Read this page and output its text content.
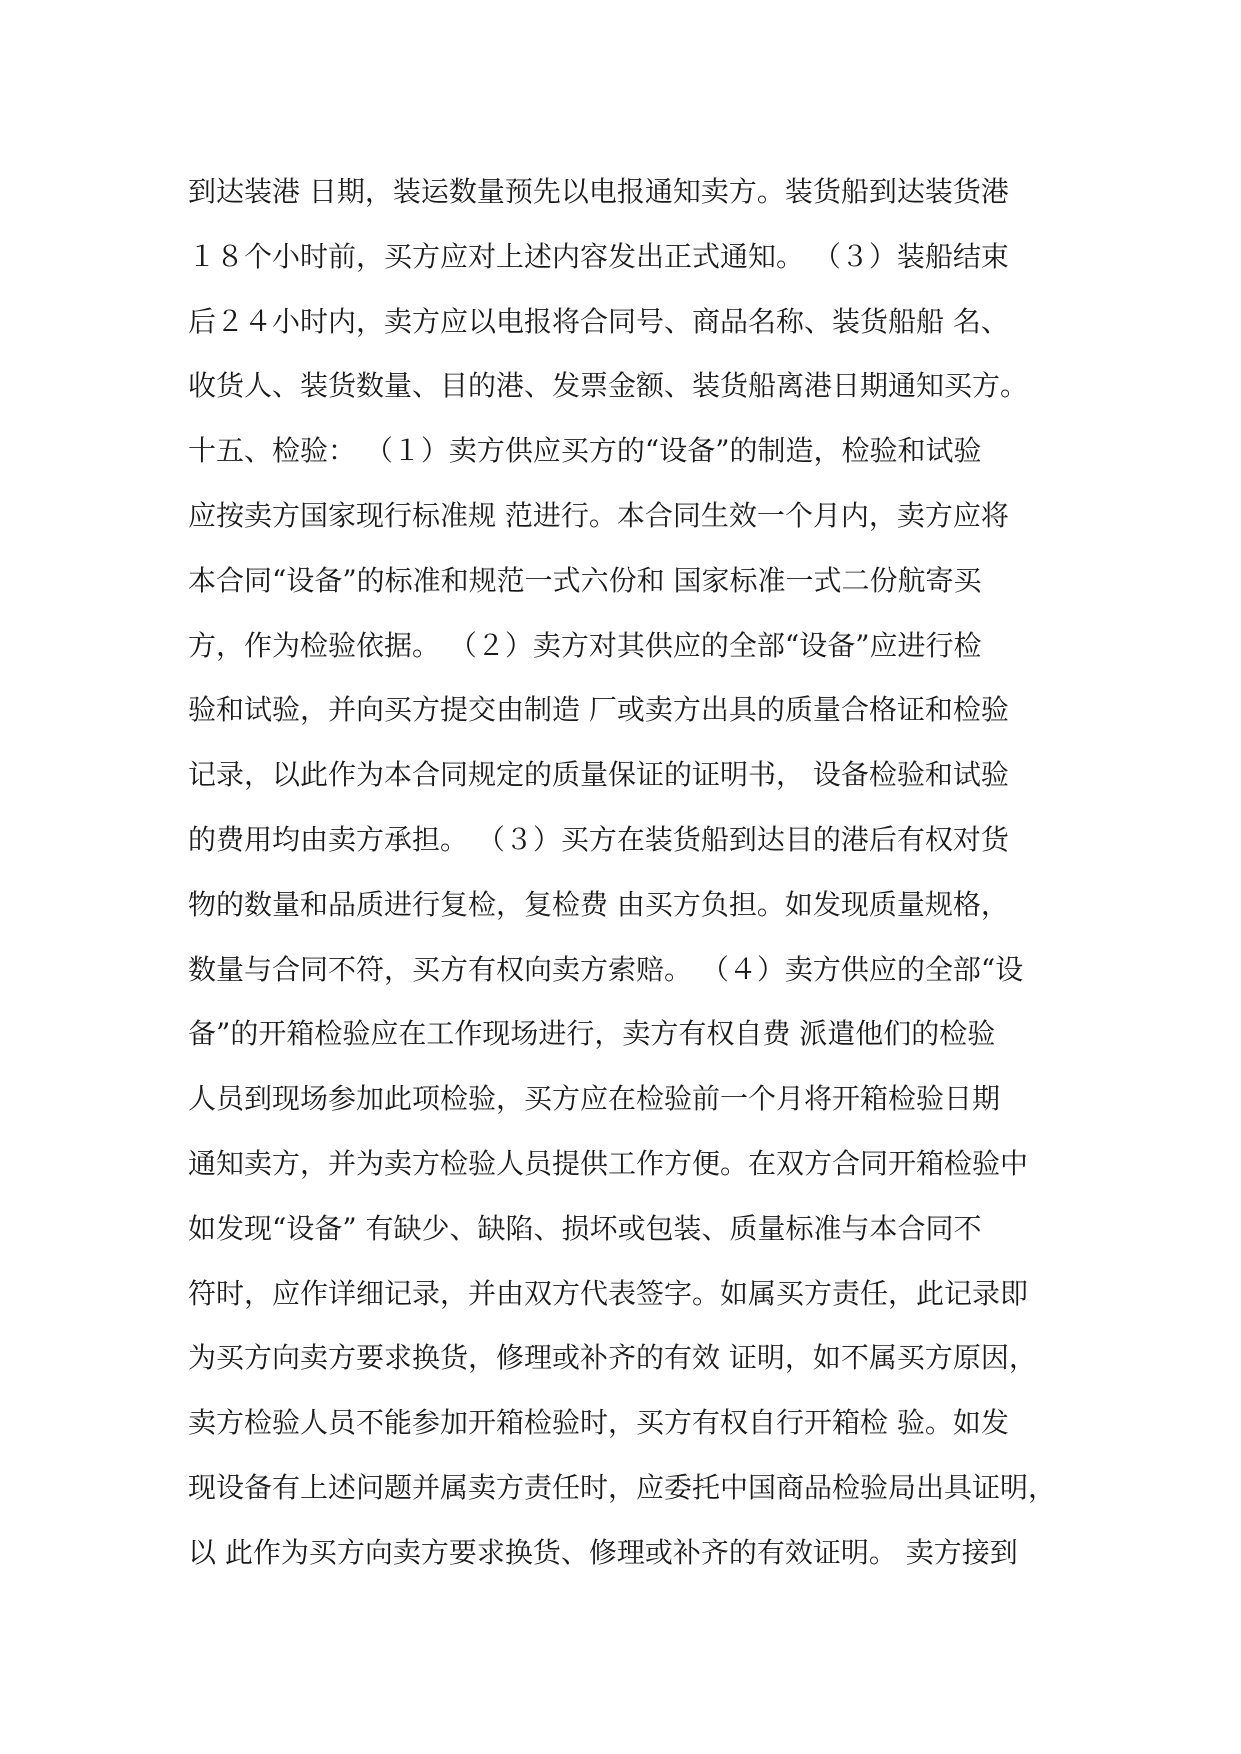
到达装港 日期，装运数量预先以电报通知卖方。装货船到达装货港
１８个小时前，买方应对上述内容发出正式通知。 （３）装船结束
后２４小时内，卖方应以电报将合同号、商品名称、装货船船 名、
收货人、装货数量、目的港、发票金额、装货船离港日期通知买方。
十五、检验： （１）卖方供应买方的“设备”的制造，检验和试验
应按卖方国家现行标准规 范进行。本合同生效一个月内，卖方应将
本合同“设备”的标准和规范一式六份和 国家标准一式二份航寄买
方，作为检验依据。 （２）卖方对其供应的全部“设备”应进行检
验和试验，并向买方提交由制造 厂或卖方出具的质量合格证和检验
记录，以此作为本合同规定的质量保证的证明书， 设备检验和试验
的费用均由卖方承担。 （３）买方在装货船到达目的港后有权对货
物的数量和品质进行复检，复检费 由买方负担。如发现质量规格，
数量与合同不符，买方有权向卖方索赔。 （４）卖方供应的全部“设
备”的开箱检验应在工作现场进行，卖方有权自费 派遣他们的检验
人员到现场参加此项检验，买方应在检验前一个月将开箱检验日期
通知卖方，并为卖方检验人员提供工作方便。在双方合同开箱检验中
如发现“设备” 有缺少、缺陷、损坏或包装、质量标准与本合同不
符时，应作详细记录，并由双方代表签字。如属买方责任，此记录即
为买方向卖方要求换货，修理或补齐的有效 证明，如不属买方原因，
卖方检验人员不能参加开箱检验时，买方有权自行开箱检 验。如发
现设备有上述问题并属卖方责任时，应委托中国商品检验局出具证明，
以 此作为买方向卖方要求换货、修理或补齐的有效证明。 卖方接到
